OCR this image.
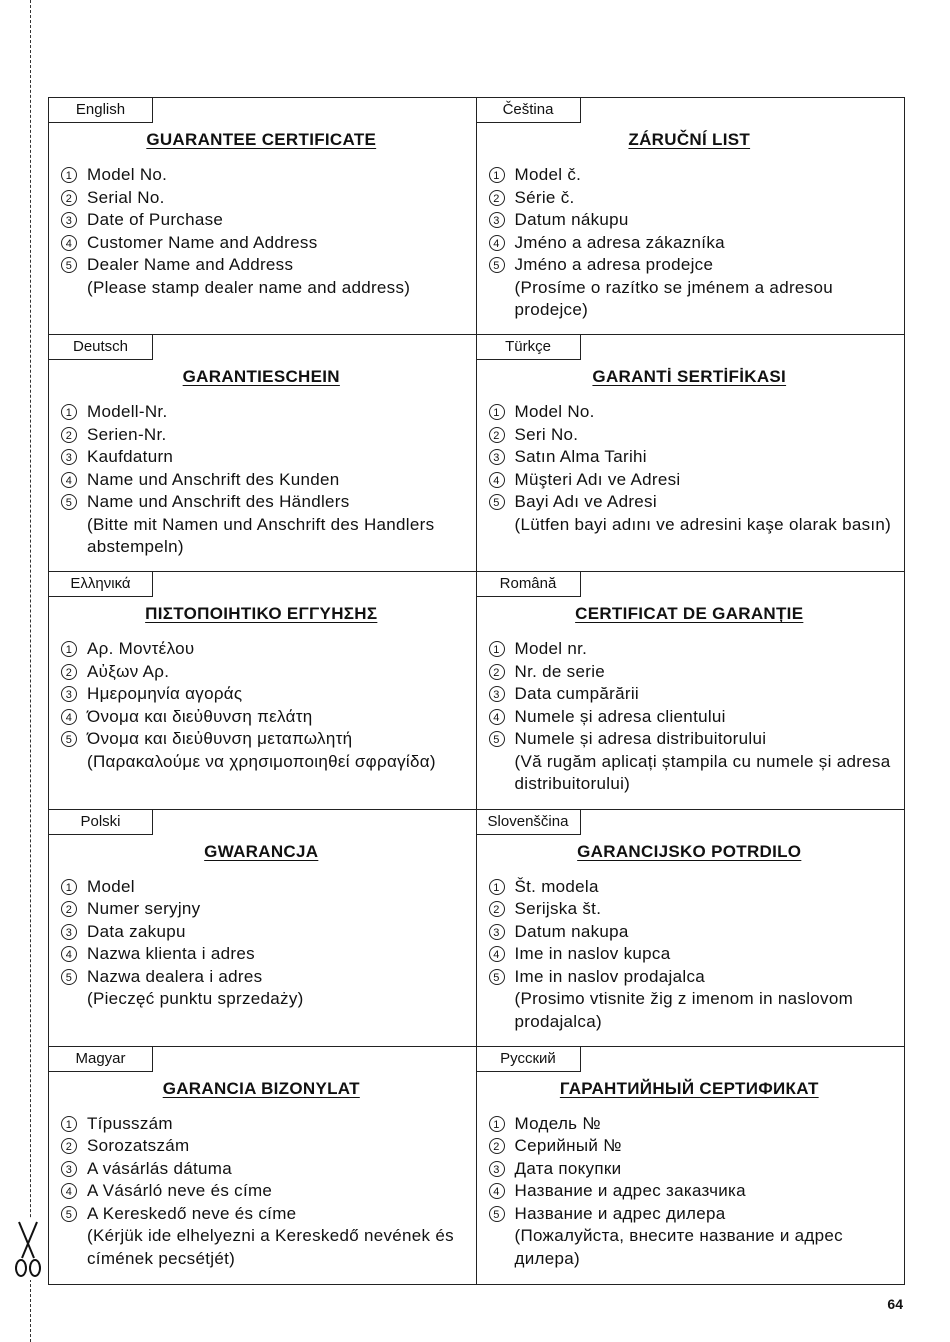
English
GUARANTEE CERTIFICATE
1 Model No.
2 Serial No.
3 Date of Purchase
4 Customer Name and Address
5 Dealer Name and Address
(Please stamp dealer name and address)
Čeština
ZÁRUČNÍ LIST
1 Model č.
2 Série č.
3 Datum nákupu
4 Jméno a adresa zákazníka
5 Jméno a adresa prodejce
(Prosíme o razítko se jménem a adresou prodejce)
Deutsch
GARANTIESCHEIN
1 Modell-Nr.
2 Serien-Nr.
3 Kaufdaturn
4 Name und Anschrift des Kunden
5 Name und Anschrift des Händlers
(Bitte mit Namen und Anschrift des Handlers abstempeln)
Türkçe
GARANTİ SERTİFİKASI
1 Model No.
2 Seri No.
3 Satın Alma Tarihi
4 Müşteri Adı ve Adresi
5 Bayi Adı ve Adresi
(Lütfen bayi adını ve adresini kaşe olarak basın)
Ελληνικά
ΠΙΣΤΟΠΟΙΗΤΙΚΟ ΕΓΓΥΗΣΗΣ
1 Αρ. Μοντέλου
2 Αὐξων Αρ.
3 Ημερομηνία αγοράς
4 Όνομα και διεὐθυνση πελάτη
5 Όνομα και διεὐθυνση μεταπωλητή
(Παρακαλούμε να χρησιμοποιηθεί σφραγίδα)
Română
CERTIFICAT DE GARANȚIE
1 Model nr.
2 Nr. de serie
3 Data cumpărării
4 Numele și adresa clientului
5 Numele și adresa distribuitorului
(Vă rugăm aplicați ștampila cu numele și adresa distribuitorului)
Polski
GWARANCJA
1 Model
2 Numer seryjny
3 Data zakupu
4 Nazwa klienta i adres
5 Nazwa dealera i adres
(Pieczęć punktu sprzedaży)
Slovenščina
GARANCIJSKO POTRDILO
1 Št. modela
2 Serijska št.
3 Datum nakupa
4 Ime in naslov kupca
5 Ime in naslov prodajalca
(Prosimo vtisnite žig z imenom in naslovom prodajalca)
Magyar
GARANCIA BIZONYLAT
1 Típusszám
2 Sorozatszám
3 A vásárlás dátuma
4 A Vásárló neve és címe
5 A Kereskedő neve és címe
(Kérjük ide elhelyezni a Kereskedő nevének és címének pecsétjét)
Русский
ГАРАНТИЙНЫЙ СЕРТИФИКАТ
1 Модель №
2 Серийный №
3 Дата покупки
4 Название и адрес заказчика
5 Название и адрес дилера
(Пожалуйста, внесите название и адрес дилера)
64
